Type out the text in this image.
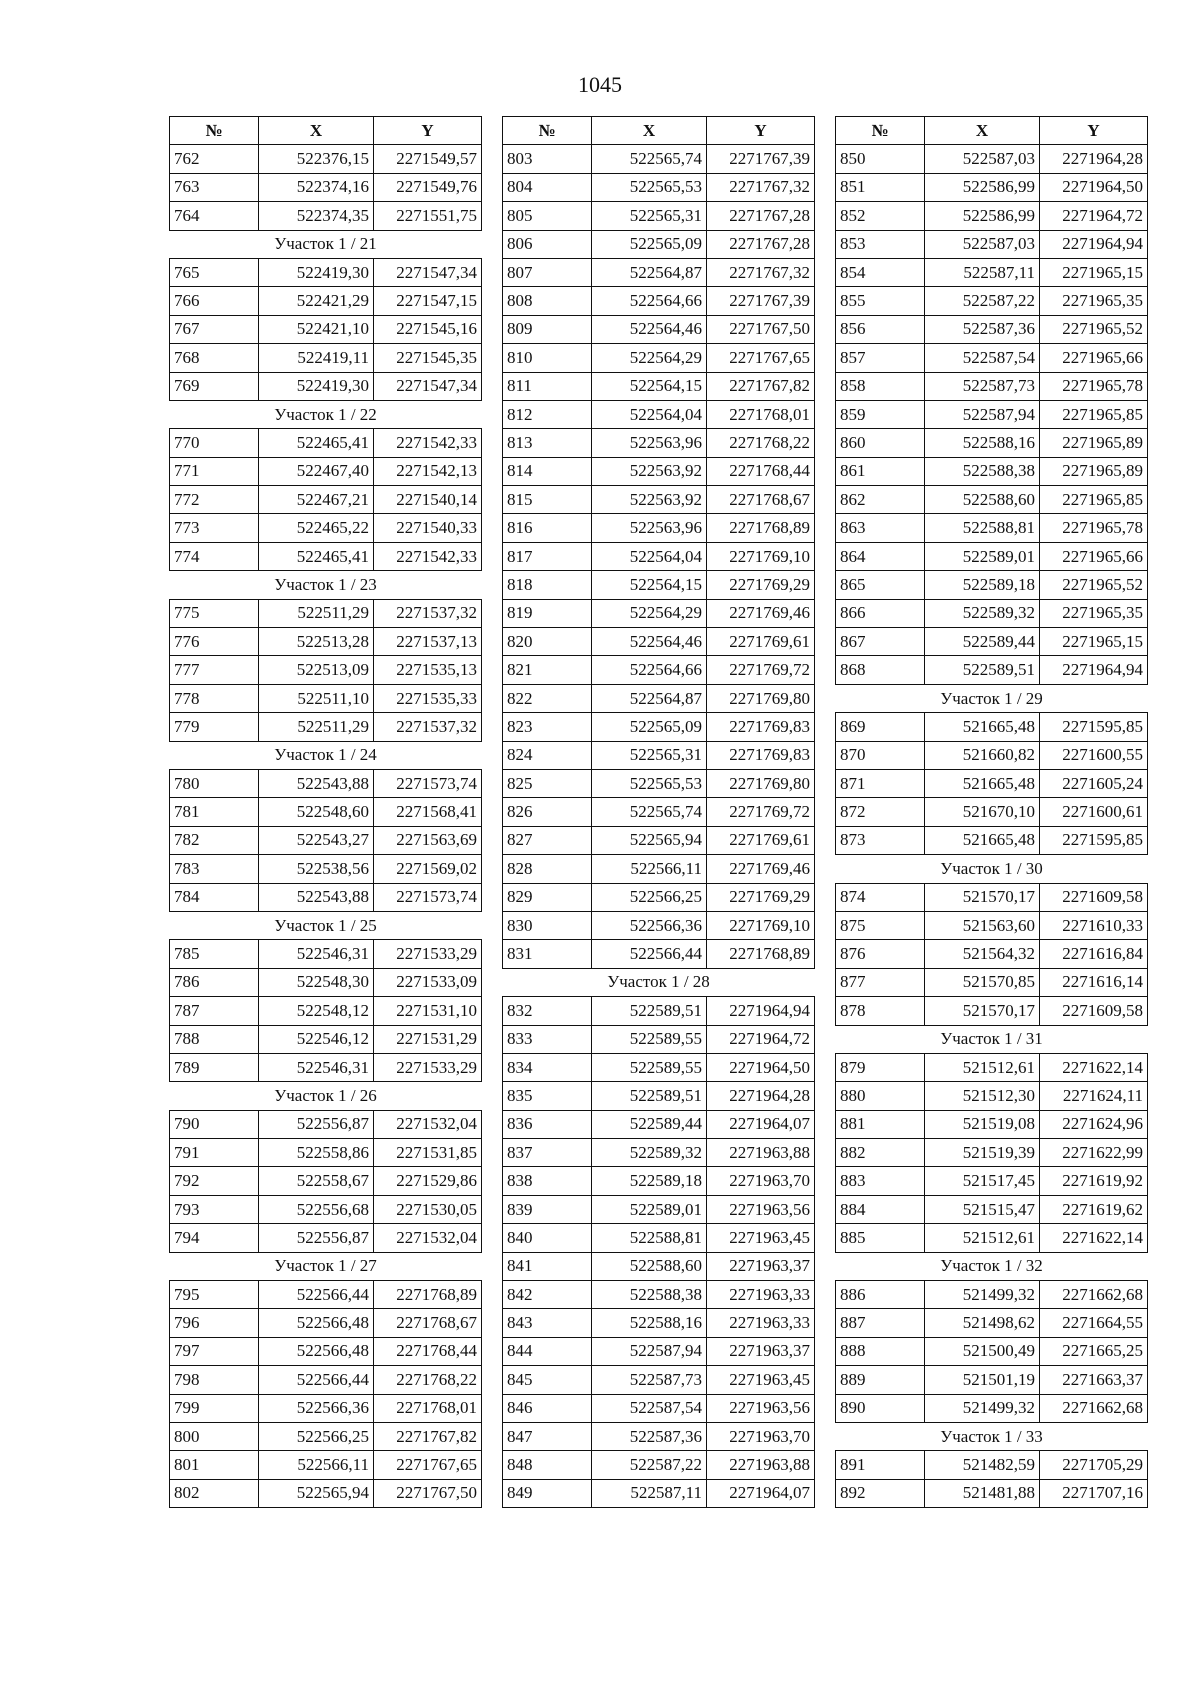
1045
№	X	Y
762	522376,15	2271549,57
763	522374,16	2271549,76
764	522374,35	2271551,75
Участок 1 / 21		
765	522419,30	2271547,34
766	522421,29	2271547,15
767	522421,10	2271545,16
768	522419,11	2271545,35
769	522419,30	2271547,34
Участок 1 / 22		
770	522465,41	2271542,33
771	522467,40	2271542,13
772	522467,21	2271540,14
773	522465,22	2271540,33
774	522465,41	2271542,33
Участок 1 / 23		
775	522511,29	2271537,32
776	522513,28	2271537,13
777	522513,09	2271535,13
778	522511,10	2271535,33
779	522511,29	2271537,32
Участок 1 / 24		
780	522543,88	2271573,74
781	522548,60	2271568,41
782	522543,27	2271563,69
783	522538,56	2271569,02
784	522543,88	2271573,74
Участок 1 / 25		
785	522546,31	2271533,29
786	522548,30	2271533,09
787	522548,12	2271531,10
788	522546,12	2271531,29
789	522546,31	2271533,29
Участок 1 / 26		
790	522556,87	2271532,04
791	522558,86	2271531,85
792	522558,67	2271529,86
793	522556,68	2271530,05
794	522556,87	2271532,04
Участок 1 / 27		
795	522566,44	2271768,89
796	522566,48	2271768,67
797	522566,48	2271768,44
798	522566,44	2271768,22
799	522566,36	2271768,01
800	522566,25	2271767,82
801	522566,11	2271767,65
802	522565,94	2271767,50
№	X	Y
803	522565,74	2271767,39
804	522565,53	2271767,32
805	522565,31	2271767,28
806	522565,09	2271767,28
807	522564,87	2271767,32
808	522564,66	2271767,39
809	522564,46	2271767,50
810	522564,29	2271767,65
811	522564,15	2271767,82
812	522564,04	2271768,01
813	522563,96	2271768,22
814	522563,92	2271768,44
815	522563,92	2271768,67
816	522563,96	2271768,89
817	522564,04	2271769,10
818	522564,15	2271769,29
819	522564,29	2271769,46
820	522564,46	2271769,61
821	522564,66	2271769,72
822	522564,87	2271769,80
823	522565,09	2271769,83
824	522565,31	2271769,83
825	522565,53	2271769,80
826	522565,74	2271769,72
827	522565,94	2271769,61
828	522566,11	2271769,46
829	522566,25	2271769,29
830	522566,36	2271769,10
831	522566,44	2271768,89
Участок 1 / 28		
832	522589,51	2271964,94
833	522589,55	2271964,72
834	522589,55	2271964,50
835	522589,51	2271964,28
836	522589,44	2271964,07
837	522589,32	2271963,88
838	522589,18	2271963,70
839	522589,01	2271963,56
840	522588,81	2271963,45
841	522588,60	2271963,37
842	522588,38	2271963,33
843	522588,16	2271963,33
844	522587,94	2271963,37
845	522587,73	2271963,45
846	522587,54	2271963,56
847	522587,36	2271963,70
848	522587,22	2271963,88
849	522587,11	2271964,07
№	X	Y
850	522587,03	2271964,28
851	522586,99	2271964,50
852	522586,99	2271964,72
853	522587,03	2271964,94
854	522587,11	2271965,15
855	522587,22	2271965,35
856	522587,36	2271965,52
857	522587,54	2271965,66
858	522587,73	2271965,78
859	522587,94	2271965,85
860	522588,16	2271965,89
861	522588,38	2271965,89
862	522588,60	2271965,85
863	522588,81	2271965,78
864	522589,01	2271965,66
865	522589,18	2271965,52
866	522589,32	2271965,35
867	522589,44	2271965,15
868	522589,51	2271964,94
Участок 1 / 29		
869	521665,48	2271595,85
870	521660,82	2271600,55
871	521665,48	2271605,24
872	521670,10	2271600,61
873	521665,48	2271595,85
Участок 1 / 30		
874	521570,17	2271609,58
875	521563,60	2271610,33
876	521564,32	2271616,84
877	521570,85	2271616,14
878	521570,17	2271609,58
Участок 1 / 31		
879	521512,61	2271622,14
880	521512,30	2271624,11
881	521519,08	2271624,96
882	521519,39	2271622,99
883	521517,45	2271619,92
884	521515,47	2271619,62
885	521512,61	2271622,14
Участок 1 / 32		
886	521499,32	2271662,68
887	521498,62	2271664,55
888	521500,49	2271665,25
889	521501,19	2271663,37
890	521499,32	2271662,68
Участок 1 / 33		
891	521482,59	2271705,29
892	521481,88	2271707,16
